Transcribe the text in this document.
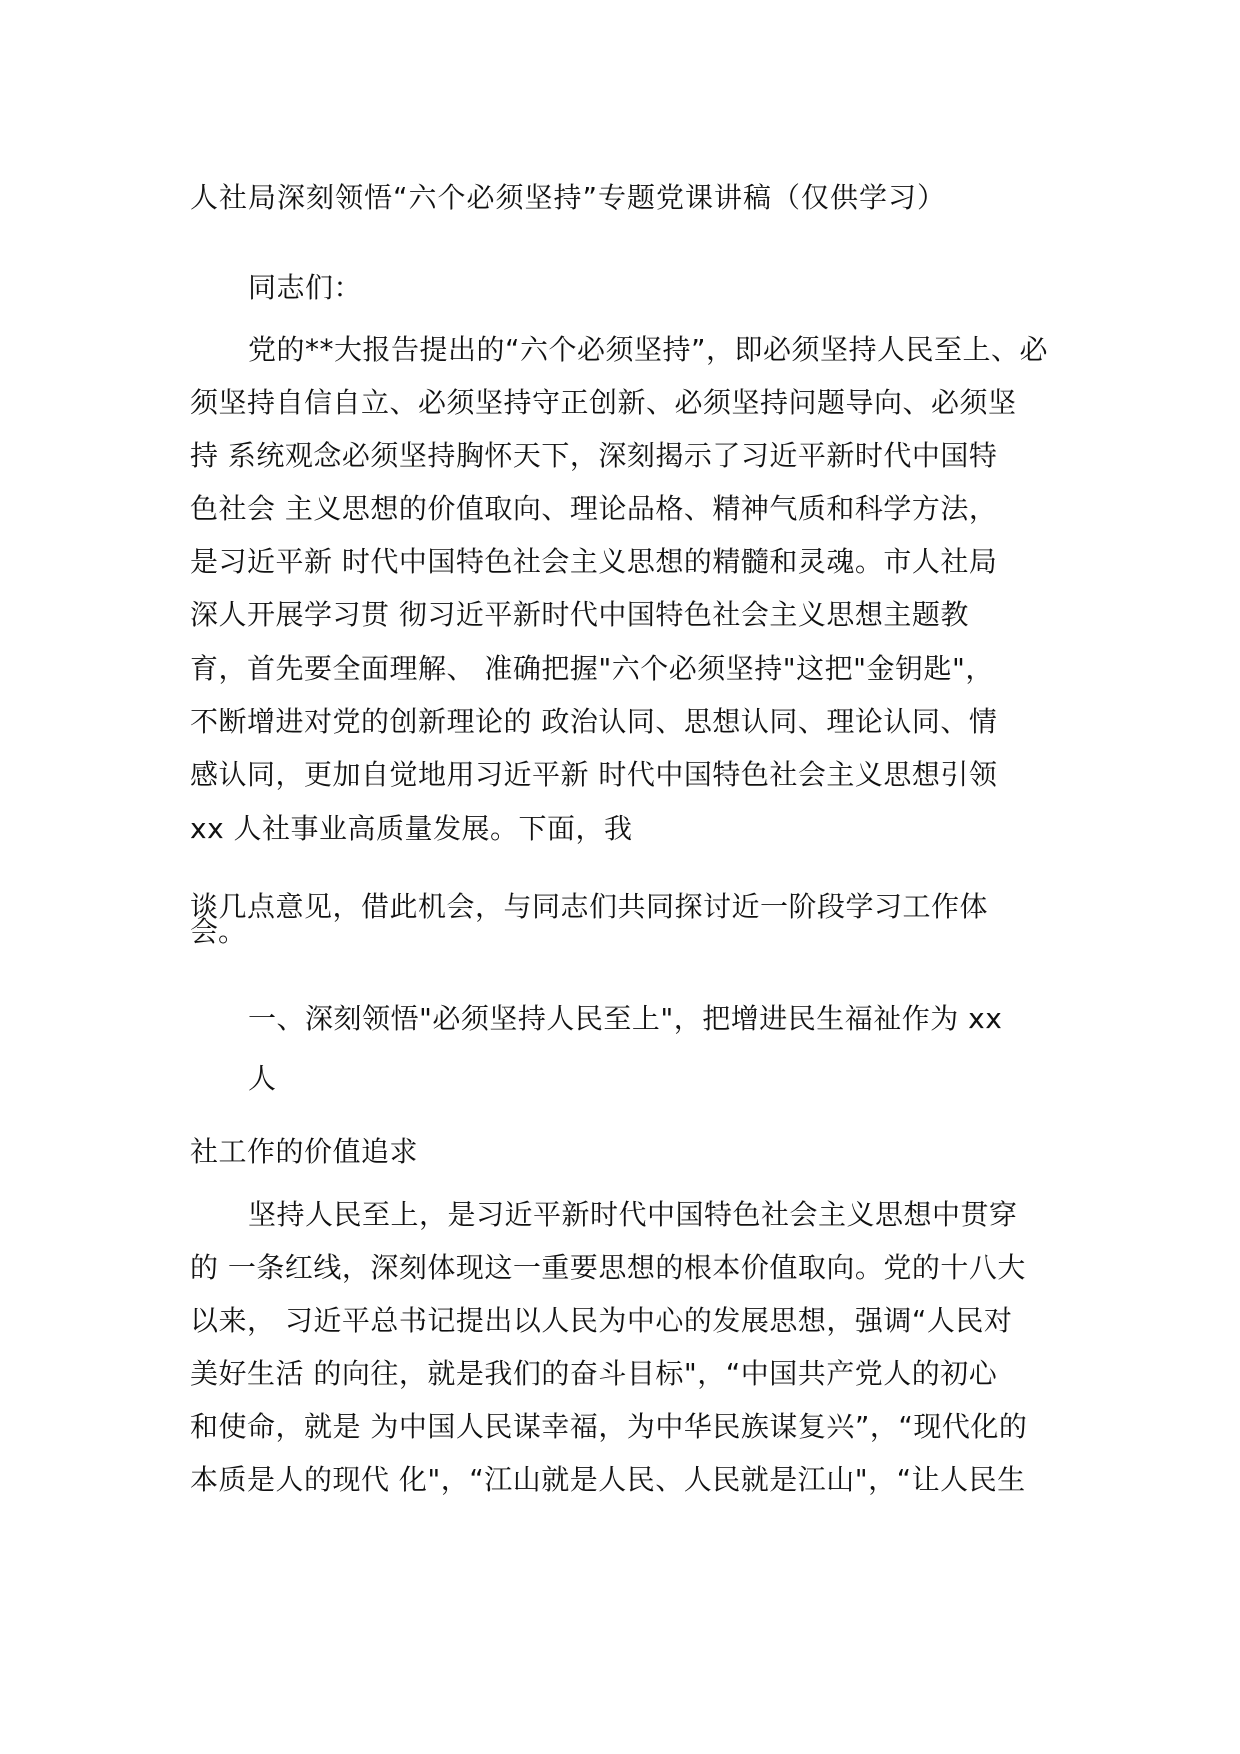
人社局深刻领悟“六个必须坚持”专题党课讲稿（仅供学习）
同志们：
党的**大报告提出的“六个必须坚持”，即必须坚持人民至上、必
须坚持自信自立、必须坚持守正创新、必须坚持问题导向、必须坚
持 系统观念必须坚持胸怀天下，深刻揭示了习近平新时代中国特
色社会 主义思想的价值取向、理论品格、精神气质和科学方法，
是习近平新 时代中国特色社会主义思想的精髓和灵魂。市人社局
深人开展学习贯 彻习近平新时代中国特色社会主义思想主题教
育，首先要全面理解、 准确把握"六个必须坚持"这把"金钥匙"，
不断增进对党的创新理论的 政治认同、思想认同、理论认同、情
感认同，更加自觉地用习近平新 时代中国特色社会主义思想引领
xx 人社事业高质量发展。下面，我
谈几点意见，借此机会，与同志们共同探讨近一阶段学习工作体
会。
一、深刻领悟"必须坚持人民至上"，把增进民生福祉作为 xx
人
社工作的价值追求
坚持人民至上，是习近平新时代中国特色社会主义思想中贯穿
的 一条红线，深刻体现这一重要思想的根本价值取向。党的十八大
以来， 习近平总书记提出以人民为中心的发展思想，强调“人民对
美好生活 的向往，就是我们的奋斗目标"，“中国共产党人的初心
和使命，就是 为中国人民谋幸福，为中华民族谋复兴”，“现代化的
本质是人的现代 化"，“江山就是人民、人民就是江山"，“让人民生
